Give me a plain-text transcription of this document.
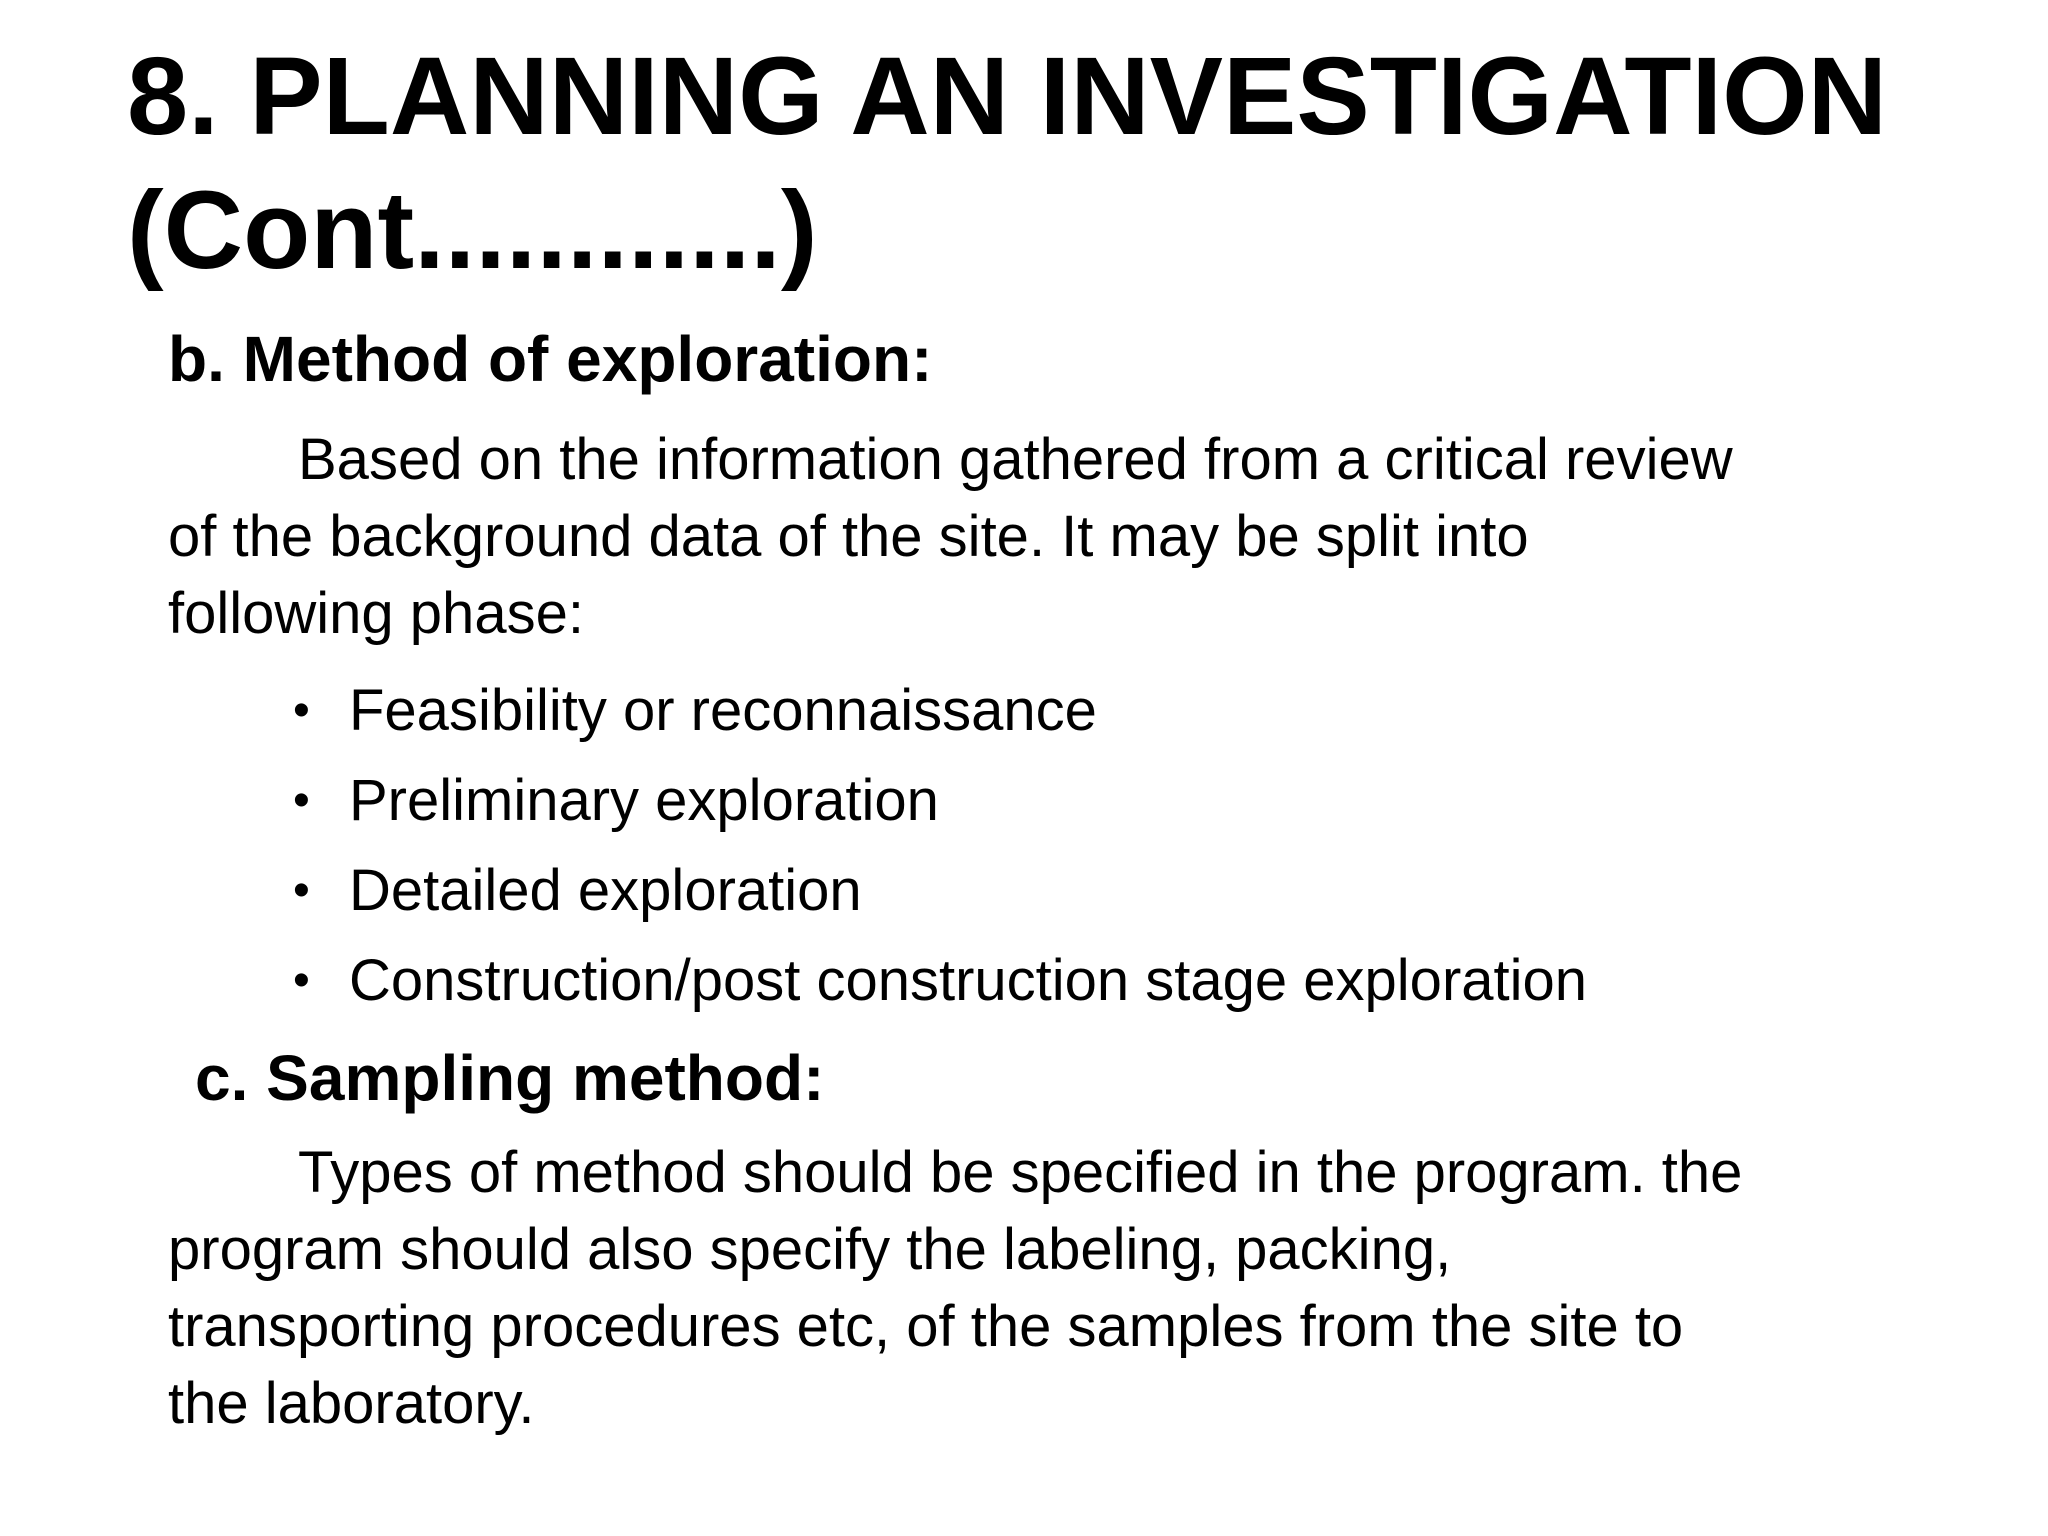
8. PLANNING AN INVESTIGATION
(Cont............)
b. Method of exploration:

Based on the information gathered from a critical review
of the background data of the site. It may be split into
following phase:

• Feasibility or reconnaissance
• Preliminary exploration
• Detailed exploration
• Construction/post construction stage exploration
c. Sampling method:

Types of method should be specified in the program. the
program should also specify the labeling, packing,
transporting procedures etc, of the samples from the site to
the laboratory.
